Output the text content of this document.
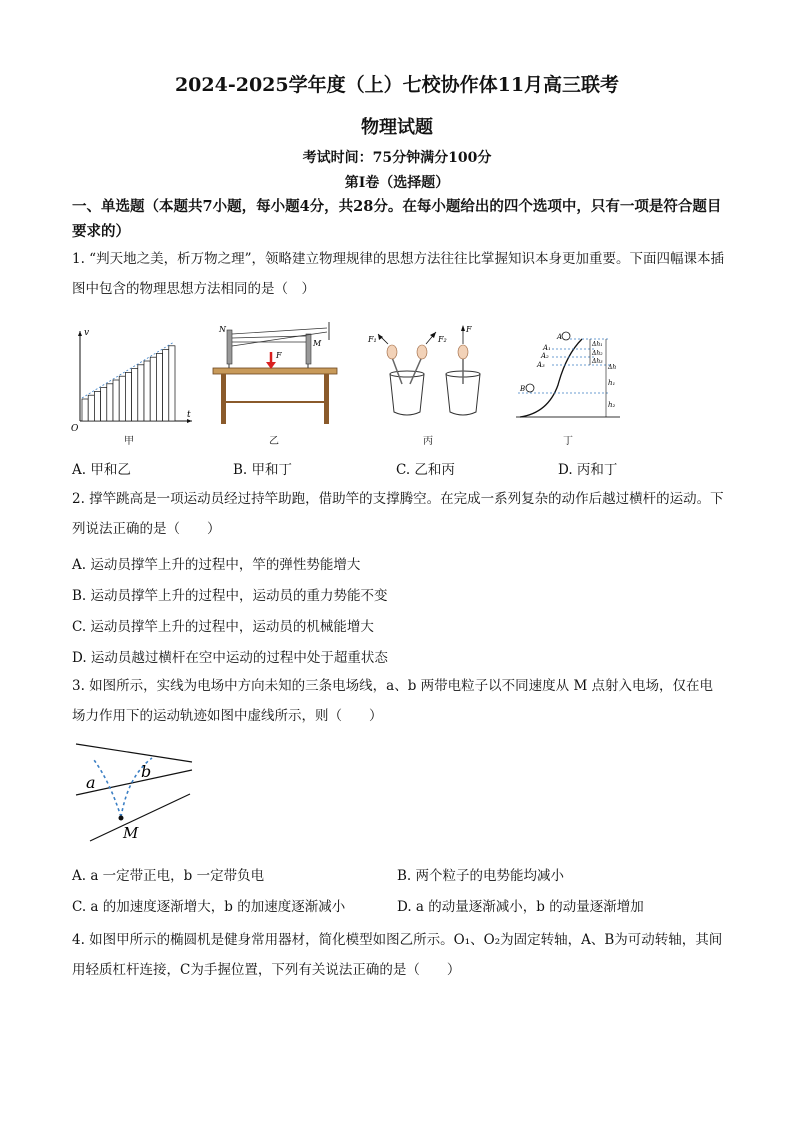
2024-2025学年度（上）七校协作体11月高三联考
物理试题
考试时间：75分钟满分100分
第I卷（选择题）
一、单选题（本题共7小题，每小题4分，共28分。在每小题给出的四个选项中，只有一项是符合题目要求的）
1. “判天地之美，析万物之理”，领略建立物理规律的思想方法往往比掌握知识本身更加重要。下面四幅课本插图中包含的物理思想方法相同的是（　）
O
v
t
甲
N
M
F
乙
F₁	F₂
F
丙
A
A₁
A₂
A₃
B
Δh₁
Δh₂
Δh₃
Δh
h₁
h₂
丁
A. 甲和乙	B. 甲和丁	C. 乙和丙	D. 丙和丁
2. 撑竿跳高是一项运动员经过持竿助跑，借助竿的支撑腾空。在完成一系列复杂的动作后越过横杆的运动。下列说法正确的是（　　）
A. 运动员撑竿上升的过程中，竿的弹性势能增大
B. 运动员撑竿上升的过程中，运动员的重力势能不变
C. 运动员撑竿上升的过程中，运动员的机械能增大
D. 运动员越过横杆在空中运动的过程中处于超重状态
3. 如图所示，实线为电场中方向未知的三条电场线，a、b 两带电粒子以不同速度从 M 点射入电场，仅在电场力作用下的运动轨迹如图中虚线所示，则（　　）
a
b
M
A. a 一定带正电，b 一定带负电	B. 两个粒子的电势能均减小
C. a 的加速度逐渐增大，b 的加速度逐渐减小	D. a 的动量逐渐减小，b 的动量逐渐增加
4. 如图甲所示的椭圆机是健身常用器材，简化模型如图乙所示。O₁、O₂为固定转轴，A、B为可动转轴，其间用轻质杠杆连接，C为手握位置，下列有关说法正确的是（　　）
